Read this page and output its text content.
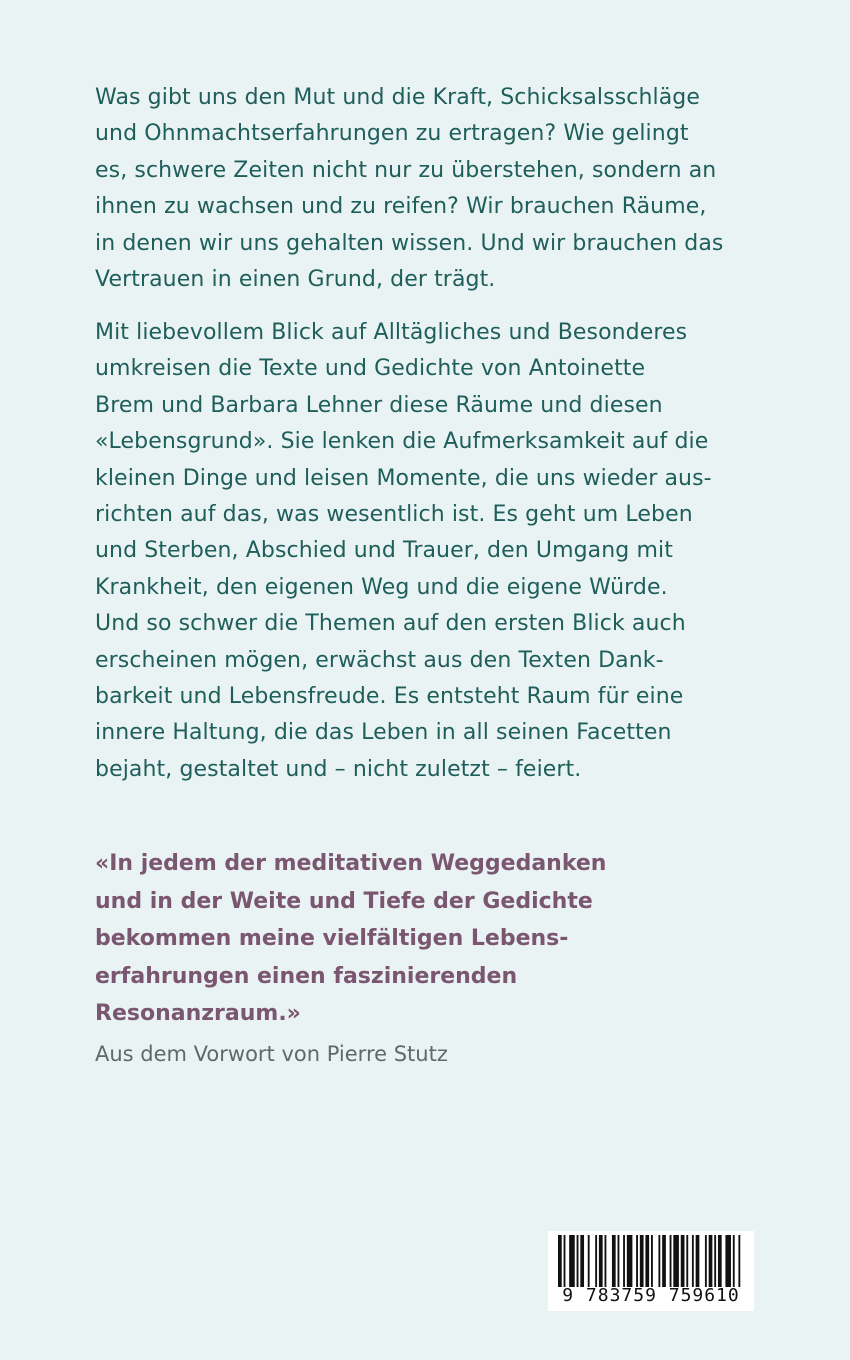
Was gibt uns den Mut und die Kraft, Schicksalsschläge
und Ohnmachtserfahrungen zu ertragen? Wie gelingt
es, schwere Zeiten nicht nur zu überstehen, sondern an
ihnen zu wachsen und zu reifen? Wir brauchen Räume,
in denen wir uns gehalten wissen. Und wir brauchen das
Vertrauen in einen Grund, der trägt.
Mit liebevollem Blick auf Alltägliches und Besonderes
umkreisen die Texte und Gedichte von Antoinette
Brem und Barbara Lehner diese Räume und diesen
«Lebensgrund». Sie lenken die Aufmerksamkeit auf die
kleinen Dinge und leisen Momente, die uns wieder aus-
richten auf das, was wesentlich ist. Es geht um Leben
und Sterben, Abschied und Trauer, den Umgang mit
Krankheit, den eigenen Weg und die eigene Würde.
Und so schwer die Themen auf den ersten Blick auch
erscheinen mögen, erwächst aus den Texten Dank-
barkeit und Lebensfreude. Es entsteht Raum für eine
innere Haltung, die das Leben in all seinen Facetten
bejaht, gestaltet und – nicht zuletzt – feiert.
«In jedem der meditativen Weggedanken
und in der Weite und Tiefe der Gedichte
bekommen meine vielfältigen Lebens-
erfahrungen einen faszinierenden
Resonanzraum.»
Aus dem Vorwort von Pierre Stutz
9 783759 759610
